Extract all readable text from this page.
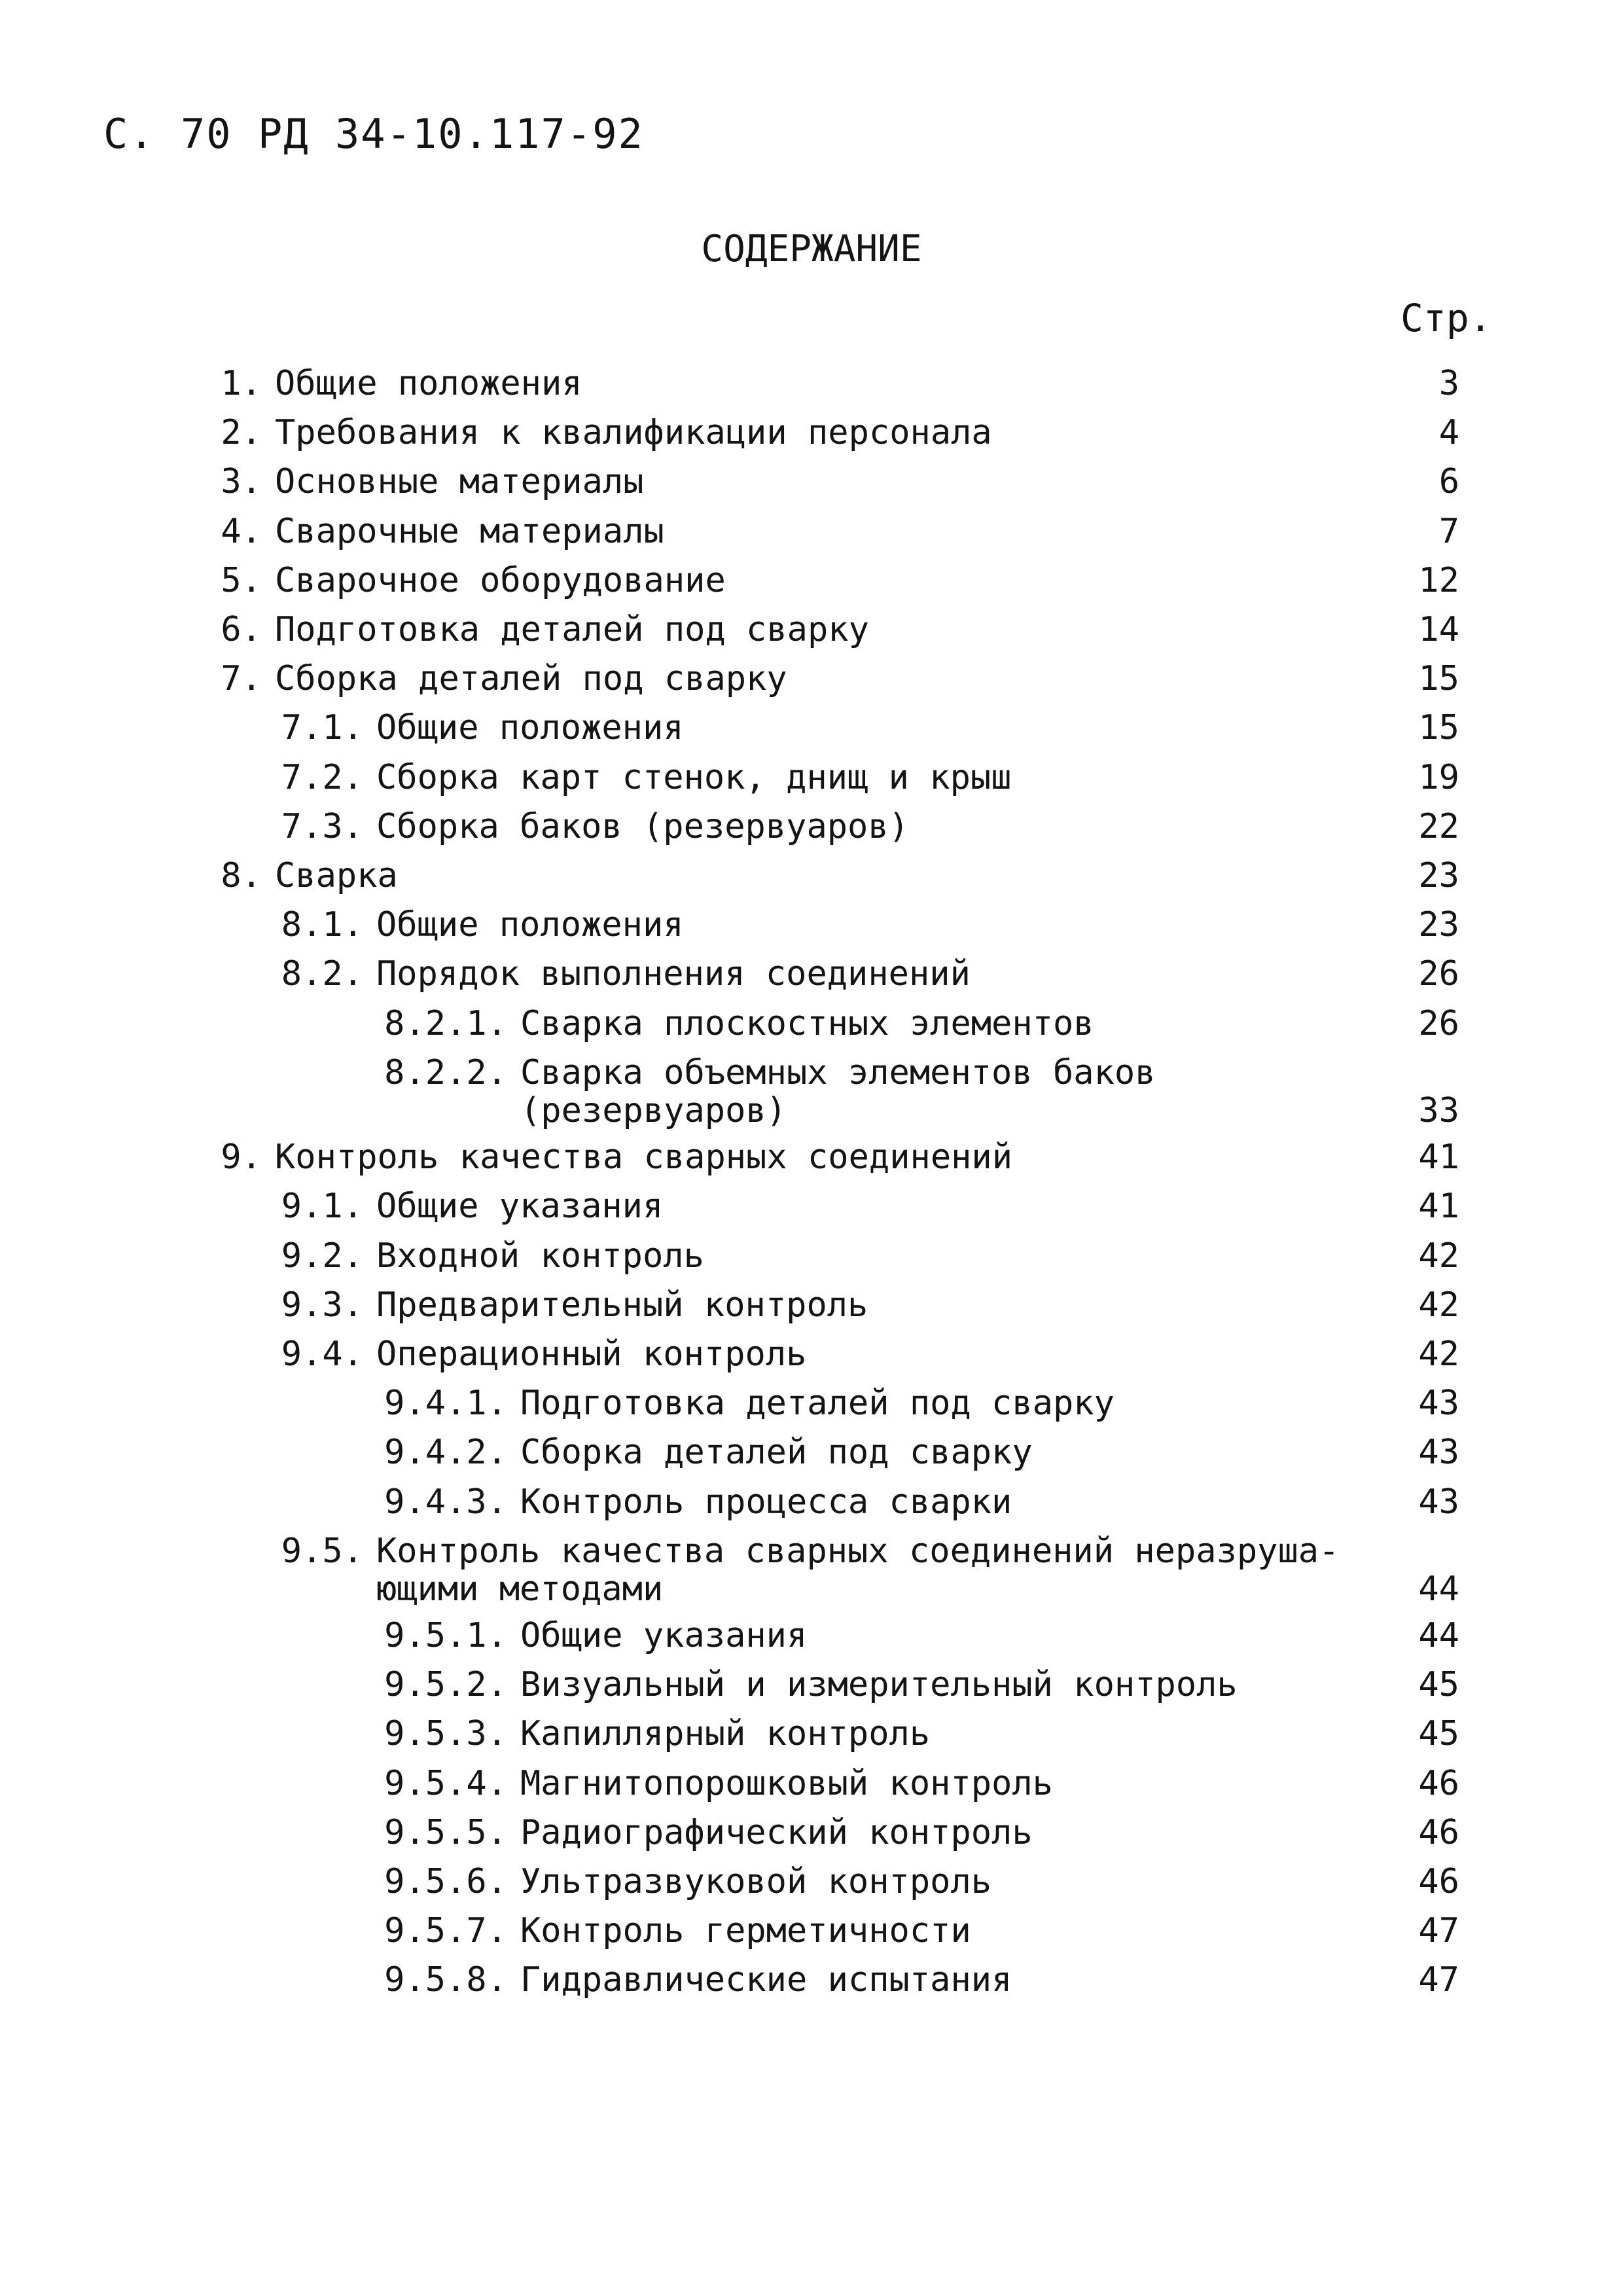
С. 70 РД 34-10.117-92
СОДЕРЖАНИЕ
Стр.
1. Общие положения	3
2. Требования к квалификации персонала	4
3. Основные материалы	6
4. Сварочные материалы	7
5. Сварочное оборудование	12
6. Подготовка деталей под сварку	14
7. Сборка деталей под сварку	15
7.1. Общие положения	15
7.2. Сборка карт стенок, днищ и крыш	19
7.3. Сборка баков (резервуаров)	22
8. Сварка	23
8.1. Общие положения	23
8.2. Порядок выполнения соединений	26
8.2.1. Сварка плоскостных элементов	26
8.2.2. Сварка объемных элементов баков
(резервуаров)	33
9. Контроль качества сварных соединений	41
9.1. Общие указания	41
9.2. Входной контроль	42
9.3. Предварительный контроль	42
9.4. Операционный контроль	42
9.4.1. Подготовка деталей под сварку	43
9.4.2. Сборка деталей под сварку	43
9.4.3. Контроль процесса сварки	43
9.5. Контроль качества сварных соединений неразруша-
ющими методами	44
9.5.1. Общие указания	44
9.5.2. Визуальный и измерительный контроль	45
9.5.3. Капиллярный контроль	45
9.5.4. Магнитопорошковый контроль	46
9.5.5. Радиографический контроль	46
9.5.6. Ультразвуковой контроль	46
9.5.7. Контроль герметичности	47
9.5.8. Гидравлические испытания	47
